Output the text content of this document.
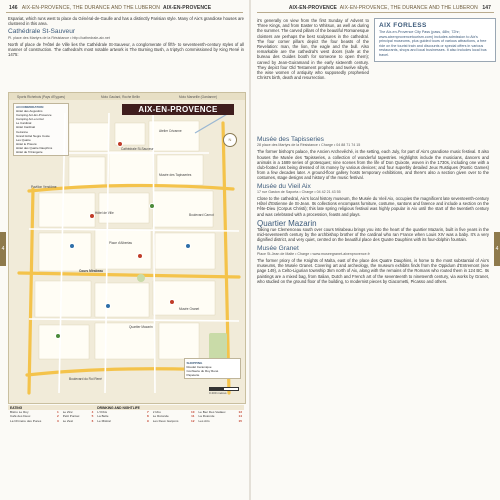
146 AIX-EN-PROVENCE, THE DURANCE AND THE LUBERON AIX-EN-PROVENCE

Espariat, which runs west to place du Général-de-Gaulle and has a distinctly Parisian style. Many of Aix's grandiose houses are clustered in this area.

Cathédrale St-Sauveur
Pl. place des Martyrs de la Résistance • http://cathedrale-aix.net

North of place de l'Hôtel de Ville lies the Cathédrale St-Sauveur, a conglomerate of fifth- to seventeenth-century styles of all manner of construction. The cathedral's most notable artwork is The Burning Bush, a triptych commissioned by King René in 1475:

Sports Richebois (Pays d'Eygues)	Moto Gaulard, Roche Bellin	Moto Marseille (Gardanne)
AIX-EN-PROVENCE
ACCOMMODATION
Hôtel des Augustins
Camping Arc-En-Provence
Camping Arc-en-Ciel
Le Cardinal
Hôtel Cardinal
Cezanne
Grand Hôtel Negre Coste
Les Quatre
Hôtel le Prieuré
Hôtel des Quatre Dauphins
Hôtel de l'Orangerie
N
Cathédrale St-Sauveur
Pavillon Vendôme
Musée des Tapisseries
Quartier Mazarin
Cours Mirabeau
Place d'Albertas
Musée Granet
Boulevard du Roi René
Boulevard Carnot
Hôtel de Ville
Atelier Cézanne
SHOPPING
Roudel Ceramique
Confiserie du Roy René
Papeterie
0 200 metres
EATING				DRINKING AND NIGHTLIFE					
Bistro Le Roy	1	Le Zinc	4	L'Orbis	7	L'Ubu	10	Le Bec Des Vadaux	13
Café des Deux	2	Petit Pontac	5	La Belle	8	Le Rotonde	11	La Rotonde	14
La Chimère des Puces	3	Le Zest	6	Le Mistral	9	Les Deux Garçons	12	Les Arts	15
4
AIX-EN-PROVENCE AIX-EN-PROVENCE, THE DURANCE AND THE LUBERON 147

it's generally on view from the first Sunday of Advent to Three Kings, and from Easter to Whitsun, as well as during the summer. The carved pillars of the beautiful Romanesque cloisters are perhaps the best sculptures in the cathedral. The four corner pillars depict the four beasts of the Revelation: man, the lion, the eagle and the bull. Also remarkable are the cathedral's west doors (safe at the bureau des Guides booth for someone to open them); carved by Jean-Guiramand in the early sixteenth century. They depict four Old Testament prophets and twelve sibyls, the wise women of antiquity who supposedly prophesied Christ's birth, death and resurrection.

AIX FORLESS

The Aix-en-Provence City Pass (pass, 48hr, 72hr; www.aixenprovencetourism.com) includes admission to Aix's principal museums, plus guided tours of various attractions, a free ride on the tourist train and discounts or special offers in various restaurants, shops and local businesses. It also includes local bus travel.

Musée des Tapisseries
28 place des Martyrs de la Résistance • Charge • 04 88 71 74 15

The former bishop's palace, the Ancien Archevêché, is the setting, each July, for part of Aix's grandiose music festival. It also houses the Musée des Tapisseries, a collection of wonderful tapestries. Highlights include the musicians, dancers and animals in a 1689 series of grotesques; nine scenes from the life of Don Quixote, woven in the 1730s, including one with a club-footed ass being dressed of its money by various devices; and four superbly detailed Jeux Rustiques (Rustic Games) from a few decades later. A ground-floor gallery hosts temporary exhibitions, and there's also a section given over to the costumes, stage designs and history of the music festival.

Musée du Vieil Aix
17 rue Gaston de Saporta • Charge • 04 42 21 43 55

Close to the cathedral, Aix's local history museum, the Musée du Vieil Aix, occupies the magnificent late seventeenth-century Hôtel d'Estienne de St-Jean. Its collections encompass furniture, costume, santons and faïence and include a section on the Fête-Dieu (Corpus Christi); this late spring religious festival was highly popular in Aix until the start of the twentieth century and was celebrated with a procession, feasts and plays.

Quartier Mazarin

Taking rue Clemenceau south over cours Mirabeau brings you into the heart of the quartier Mazarin, built in five years in the mid-seventeenth century by the archbishop brother of the cardinal who ran France when Louis XIV was a baby. It's a very dignified district, and very quiet, centred on the beautiful place des Quatre Dauphins with its four-dolphin fountain.

Musée Granet
Place St-Jean de Malte • Charge • www.museegranet-aixenprovence.fr

The former priory of the Knights of Malta, east of the place des Quatre Dauphins, is home to the most substantial of Aix's museums, the Musée Granet. Covering art and archeology, the museum exhibits finds from the Oppidum d'Entremont (see page 149), a Celto-Ligurian township 3km north of Aix, along with the remains of the Romans who routed them in 124 BC. Its paintings are a mixed bag, from Italian, Dutch and French art of the seventeenth to nineteenth century, via works by Granet, who studied on the ground floor of the building, to modernist pieces by Giacometti, Picasso and others.

4
